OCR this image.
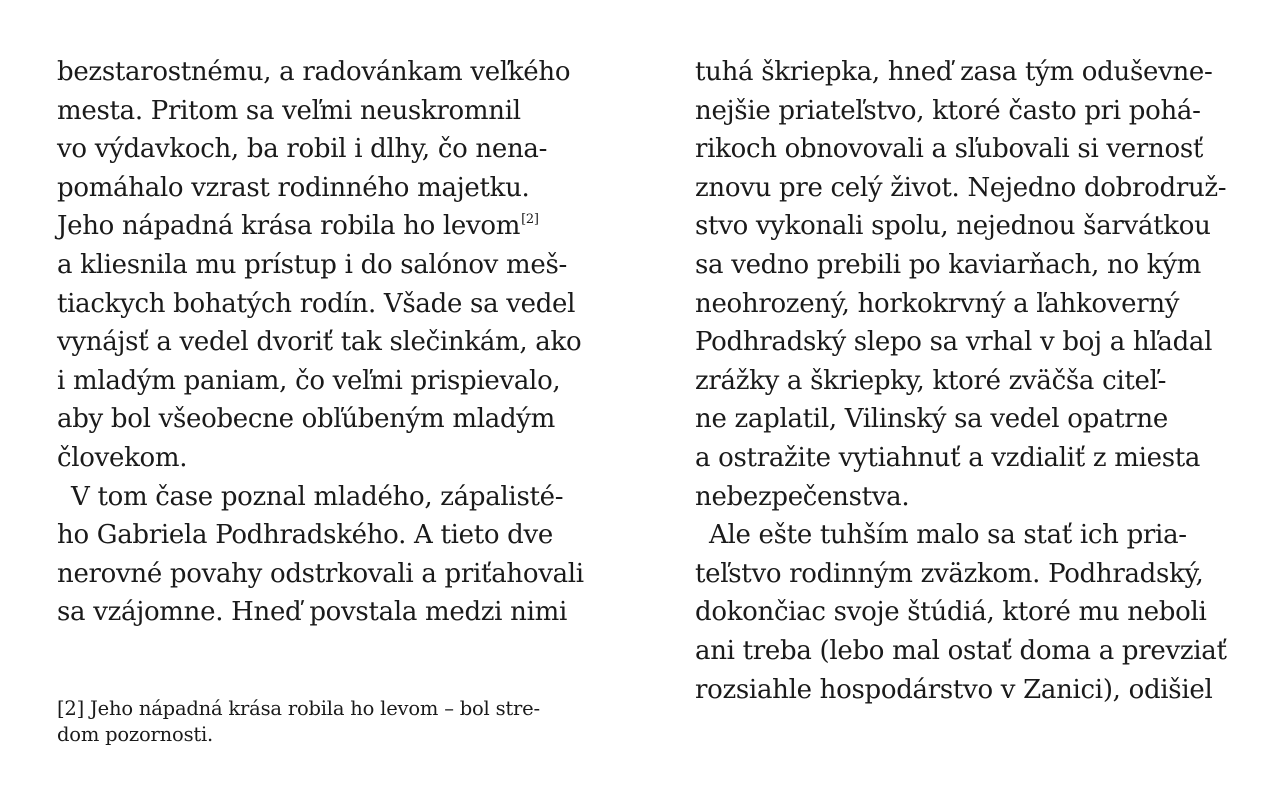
bezstarostnému, a radovánkam veľkého
mesta. Pritom sa veľmi neuskromnil
vo výdavkoch, ba robil i dlhy, čo nena-
pomáhalo vzrast rodinného majetku.
Jeho nápadná krása robila ho levom[2]
a kliesnila mu prístup i do salónov meš-
tiackych bohatých rodín. Všade sa vedel
vynájsť a vedel dvoriť tak slečinkám, ako
i mladým paniam, čo veľmi prispievalo,
aby bol všeobecne obľúbeným mladým
človekom.
V tom čase poznal mladého, zápalisté-
ho Gabriela Podhradského. A tieto dve
nerovné povahy odstrkovali a priťahovali
sa vzájomne. Hneď povstala medzi nimi
[2] Jeho nápadná krása robila ho levom – bol stre-
dom pozornosti.
tuhá škriepka, hneď zasa tým oduševne-
nejšie priateľstvo, ktoré často pri pohá-
rikoch obnovovali a sľubovali si vernosť
znovu pre celý život. Nejedno dobrodruž-
stvo vykonali spolu, nejednou šarvátkou
sa vedno prebili po kaviarňach, no kým
neohrozený, horkokrvný a ľahkoverný
Podhradský slepo sa vrhal v boj a hľadal
zrážky a škriepky, ktoré zväčša citeľ-
ne zaplatil, Vilinský sa vedel opatrne
a ostražite vytiahnuť a vzdialiť z miesta
nebezpečenstva.
Ale ešte tuhším malo sa stať ich pria-
teľstvo rodinným zväzkom. Podhradský,
dokončiac svoje štúdiá, ktoré mu neboli
ani treba (lebo mal ostať doma a prevziať
rozsiahle hospodárstvo v Zanici), odišiel
